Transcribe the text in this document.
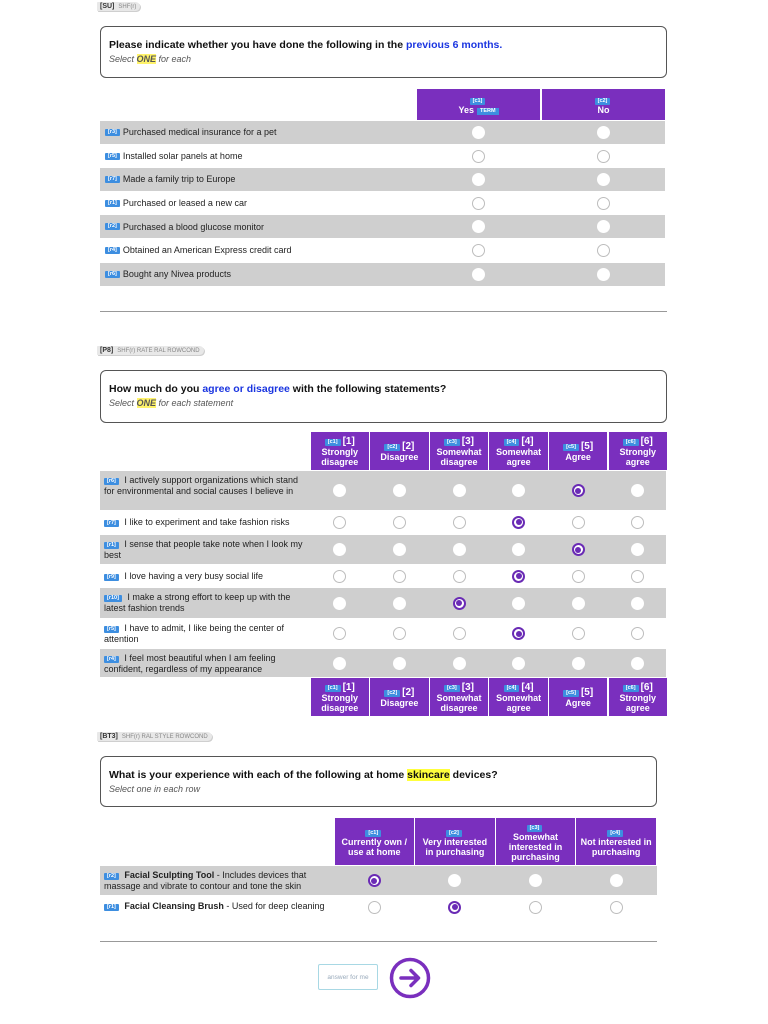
[SU] SHF(r)
Please indicate whether you have done the following in the previous 6 months.
Select ONE for each
[c1]
Yes TERM
[c2]
No
[r3] Purchased medical insurance for a pet
[r5] Installed solar panels at home
[r7] Made a family trip to Europe
[r1] Purchased or leased a new car
[r2] Purchased a blood glucose monitor
[r4] Obtained an American Express credit card
[r6] Bought any Nivea products
[P8] SHF(r) RATE RAL ROWCOND
How much do you agree or disagree with the following statements?
Select ONE for each statement
[c1] [1]
Strongly disagree
[c2] [2]
Disagree
[c3] [3]
Somewhat disagree
[c4] [4]
Somewhat agree
[c5] [5]
Agree
[c6] [6]
Strongly agree
[r6] I actively support organizations which stand for environmental and social causes I believe in
[r7] I like to experiment and take fashion risks
[r1] I sense that people take note when I look my best
[r9] I love having a very busy social life
[r10] I make a strong effort to keep up with the latest fashion trends
[r5] I have to admit, I like being the center of attention
[r4] I feel most beautiful when I am feeling confident, regardless of my appearance
[c1] [1]
Strongly disagree
[c2] [2]
Disagree
[c3] [3]
Somewhat disagree
[c4] [4]
Somewhat agree
[c5] [5]
Agree
[c6] [6]
Strongly agree
[BT3] SHF(r) RAL STYLE ROWCOND
What is your experience with each of the following at home skincare devices?
Select one in each row
[c1]
Currently own / use at home
[c2]
Very interested in purchasing
[c3]
Somewhat interested in purchasing
[c4]
Not interested in purchasing
[r2] Facial Sculpting Tool - Includes devices that massage and vibrate to contour and tone the skin
[r1] Facial Cleansing Brush - Used for deep cleaning
answer for me
